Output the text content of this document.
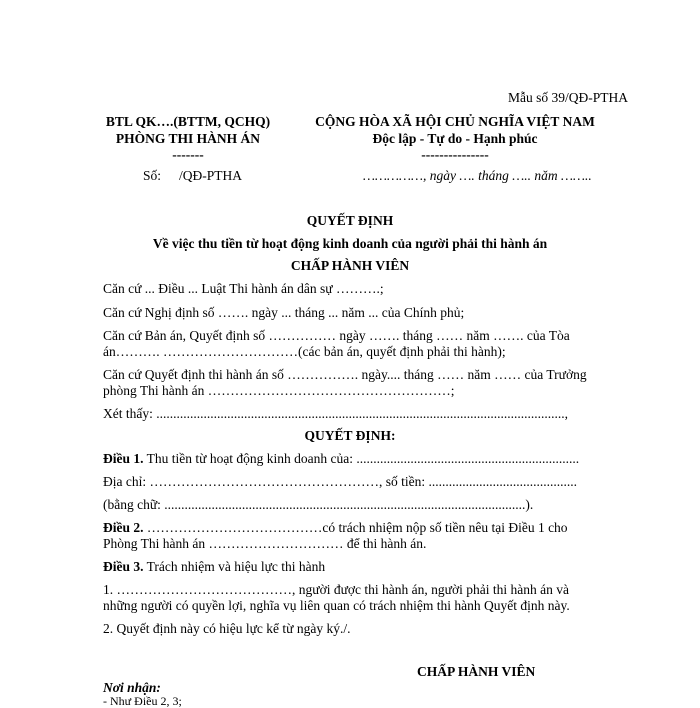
Mẫu số 39/QĐ-PTHA
BTL QK….(BTTM, QCHQ)
PHÒNG THI HÀNH ÁN
-------
Số: /QĐ-PTHA
CỘNG HÒA XÃ HỘI CHỦ NGHĨA VIỆT NAM
Độc lập - Tự do - Hạnh phúc
---------------
……………, ngày …. tháng ….. năm ……..
QUYẾT ĐỊNH
Về việc thu tiền từ hoạt động kinh doanh của người phải thi hành án
CHẤP HÀNH VIÊN
Căn cứ ... Điều ... Luật Thi hành án dân sự ……….;
Căn cứ Nghị định số ……. ngày ... tháng ... năm ... của Chính phủ;
Căn cứ Bản án, Quyết định số …………… ngày ……. tháng …… năm ……. của Tòa
án………. …………………………(các bản án, quyết định phải thi hành);
Căn cứ Quyết định thi hành án số ……………. ngày.... tháng …… năm …… của Trưởng
phòng Thi hành án ………………………………………………;
Xét thấy: .........................................................................................................................,
QUYẾT ĐỊNH:
Điều 1. Thu tiền từ hoạt động kinh doanh của: ..................................................................
Địa chỉ: ……………………………………………, số tiền: ............................................
(bằng chữ: ...........................................................................................................).
Điều 2. …………………………………có trách nhiệm nộp số tiền nêu tại Điều 1 cho
Phòng Thi hành án ………………………… để thi hành án.
Điều 3. Trách nhiệm và hiệu lực thi hành
1. …………………………………, người được thi hành án, người phải thi hành án và
những người có quyền lợi, nghĩa vụ liên quan có trách nhiệm thi hành Quyết định này.
2. Quyết định này có hiệu lực kể từ ngày ký./.
CHẤP HÀNH VIÊN
Nơi nhận:
- Như Điều 2, 3;
